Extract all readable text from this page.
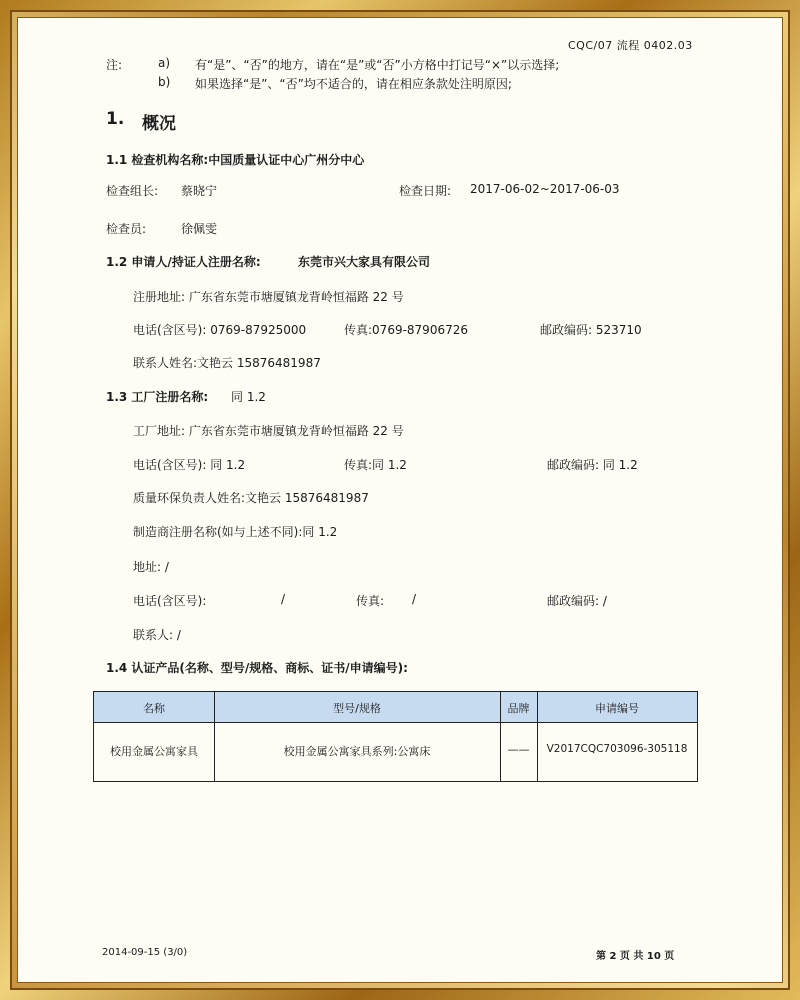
CQC/07 流程 0402.03
注:	a) 有“是”、“否”的地方，请在“是”或“否”小方格中打记号“×”以示选择;
b) 如果选择“是”、“否”均不适合的，请在相应条款处注明原因;
1. 概况
1.1 检查机构名称:中国质量认证中心广州分中心
检查组长: 蔡晓宁	检查日期: 2017-06-02~2017-06-03
检查员:	徐佩雯
1.2 申请人/持证人注册名称:	东莞市兴大家具有限公司
注册地址: 广东省东莞市塘厦镇龙背岭恒福路 22 号
电话(含区号): 0769-87925000	传真:0769-87906726	邮政编码: 523710
联系人姓名:文艳云 15876481987
1.3 工厂注册名称: 同 1.2
工厂地址: 广东省东莞市塘厦镇龙背岭恒福路 22 号
电话(含区号): 同 1.2	传真:同 1.2	邮政编码: 同 1.2
质量环保负责人姓名:文艳云 15876481987
制造商注册名称(如与上述不同):同 1.2
地址: /
电话(含区号):	/	传真: /	邮政编码: /
联系人: /
1.4 认证产品(名称、型号/规格、商标、证书/申请编号):
名称	型号/规格	品牌	申请编号
校用金属公寓家具	校用金属公寓家具系列:公寓床	——	V2017CQC703096-305118
2014-09-15 (3/0)	第 2 页 共 10 页
